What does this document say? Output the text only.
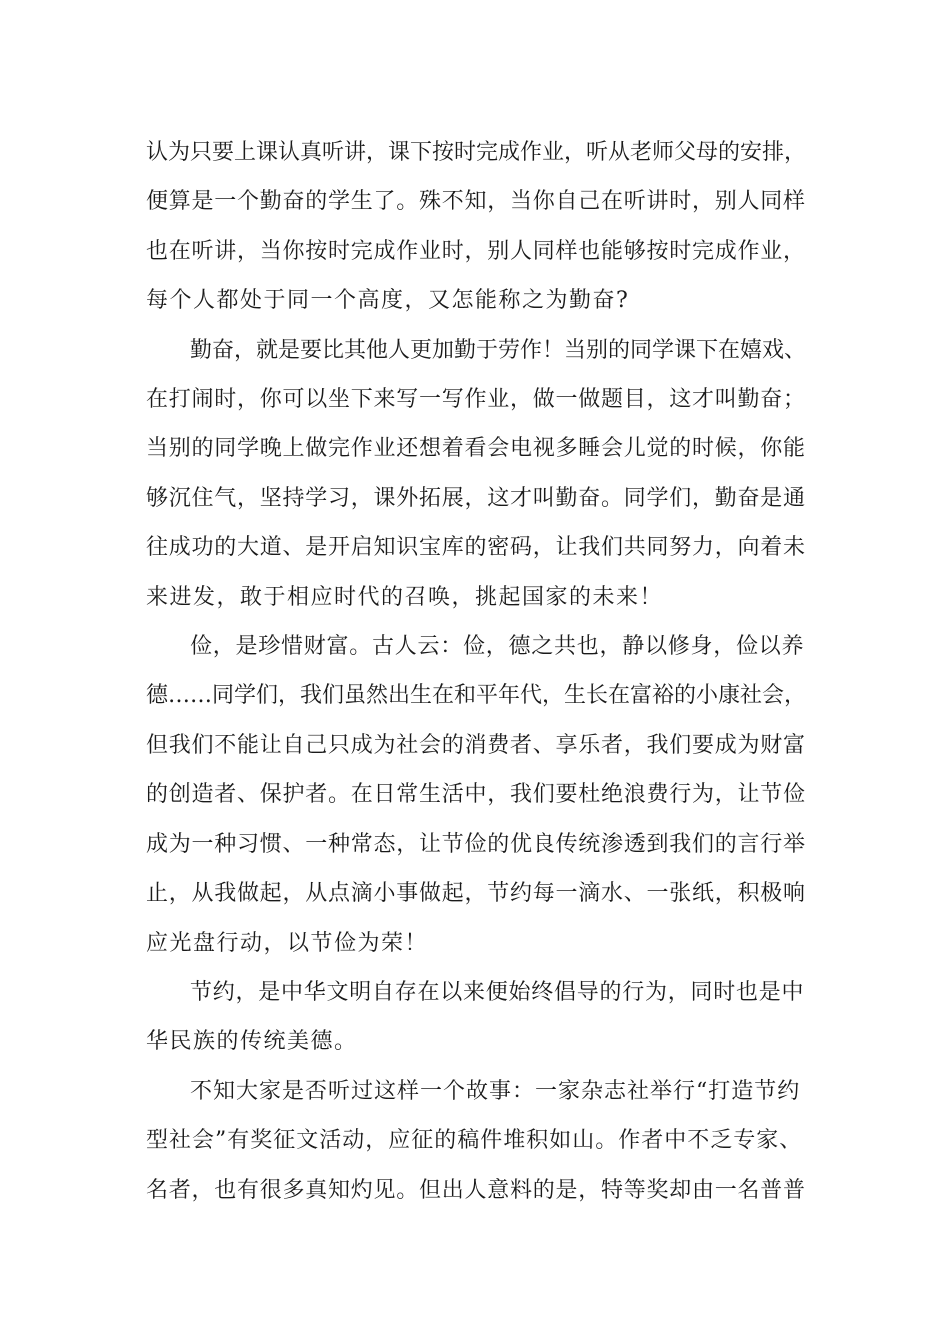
认为只要上课认真听讲，课下按时完成作业，听从老师父母的安排，
便算是一个勤奋的学生了。殊不知，当你自己在听讲时，别人同样
也在听讲，当你按时完成作业时，别人同样也能够按时完成作业，
每个人都处于同一个高度，又怎能称之为勤奋?
勤奋，就是要比其他人更加勤于劳作！当别的同学课下在嬉戏、
在打闹时，你可以坐下来写一写作业，做一做题目，这才叫勤奋；
当别的同学晚上做完作业还想着看会电视多睡会儿觉的时候，你能
够沉住气，坚持学习，课外拓展，这才叫勤奋。同学们，勤奋是通
往成功的大道、是开启知识宝库的密码，让我们共同努力，向着未
来进发，敢于相应时代的召唤，挑起国家的未来！
俭，是珍惜财富。古人云：俭，德之共也，静以修身，俭以养
德……同学们，我们虽然出生在和平年代，生长在富裕的小康社会，
但我们不能让自己只成为社会的消费者、享乐者，我们要成为财富
的创造者、保护者。在日常生活中，我们要杜绝浪费行为，让节俭
成为一种习惯、一种常态，让节俭的优良传统渗透到我们的言行举
止，从我做起，从点滴小事做起，节约每一滴水、一张纸，积极响
应光盘行动，以节俭为荣！
节约，是中华文明自存在以来便始终倡导的行为，同时也是中
华民族的传统美德。
不知大家是否听过这样一个故事：一家杂志社举行“打造节约
型社会”有奖征文活动，应征的稿件堆积如山。作者中不乏专家、
名者，也有很多真知灼见。但出人意料的是，特等奖却由一名普普
